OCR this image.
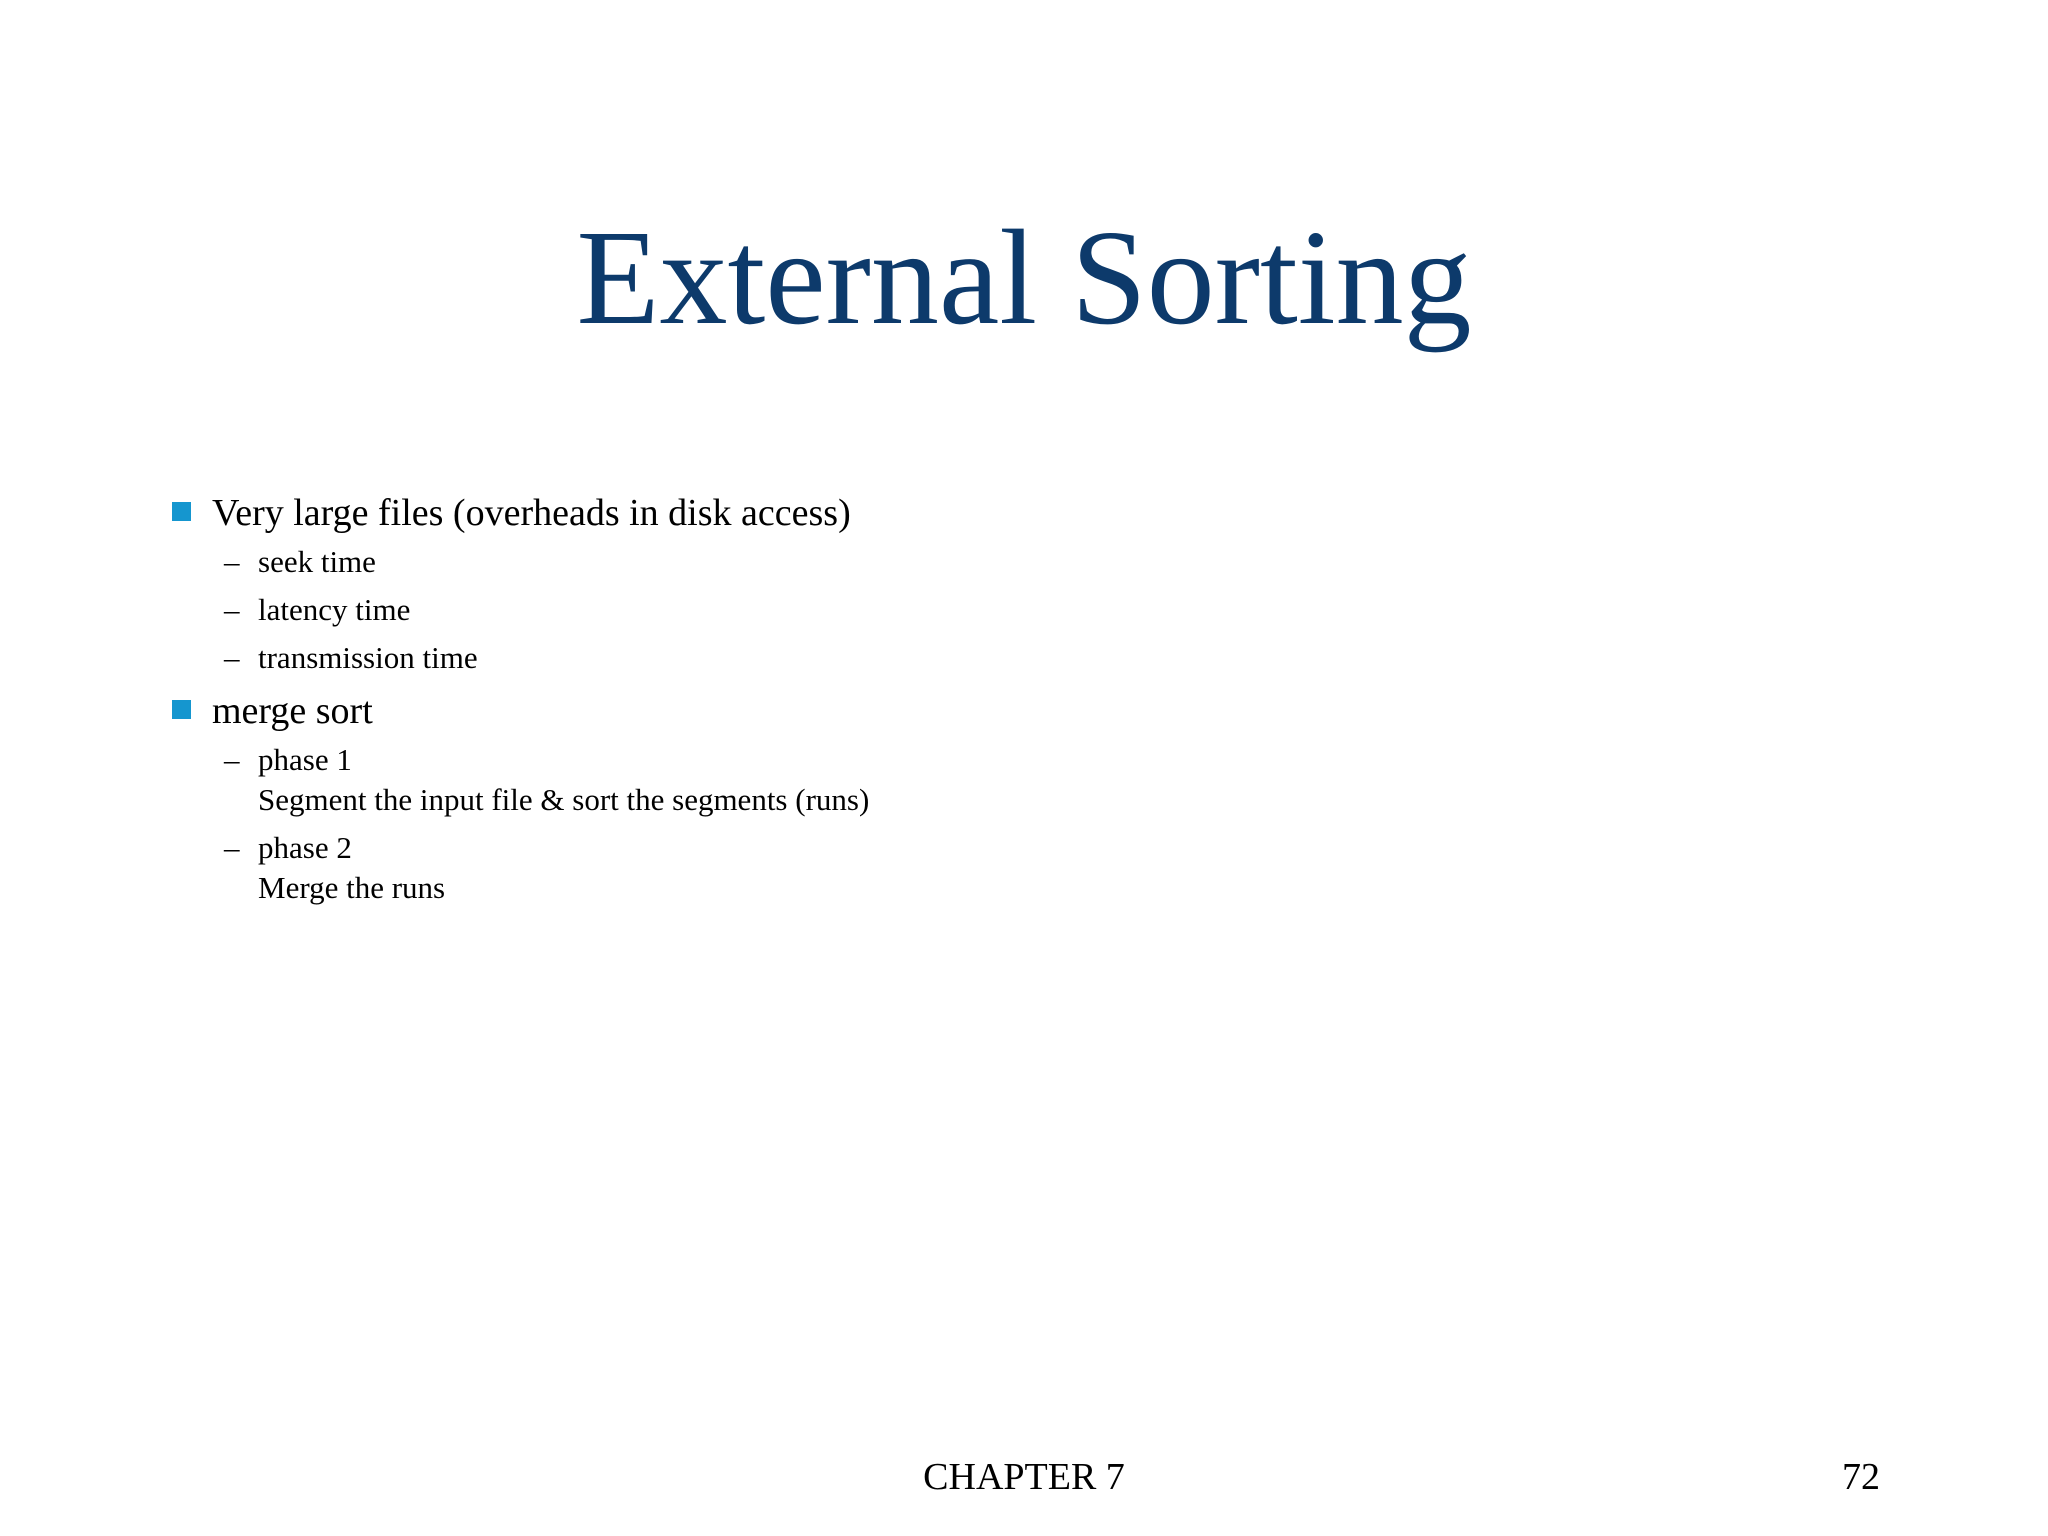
External Sorting
Very large files (overheads in disk access)
– seek time
– latency time
– transmission time
merge sort
– phase 1
Segment the input file & sort the segments (runs)
– phase 2
Merge the runs
CHAPTER 7	72
